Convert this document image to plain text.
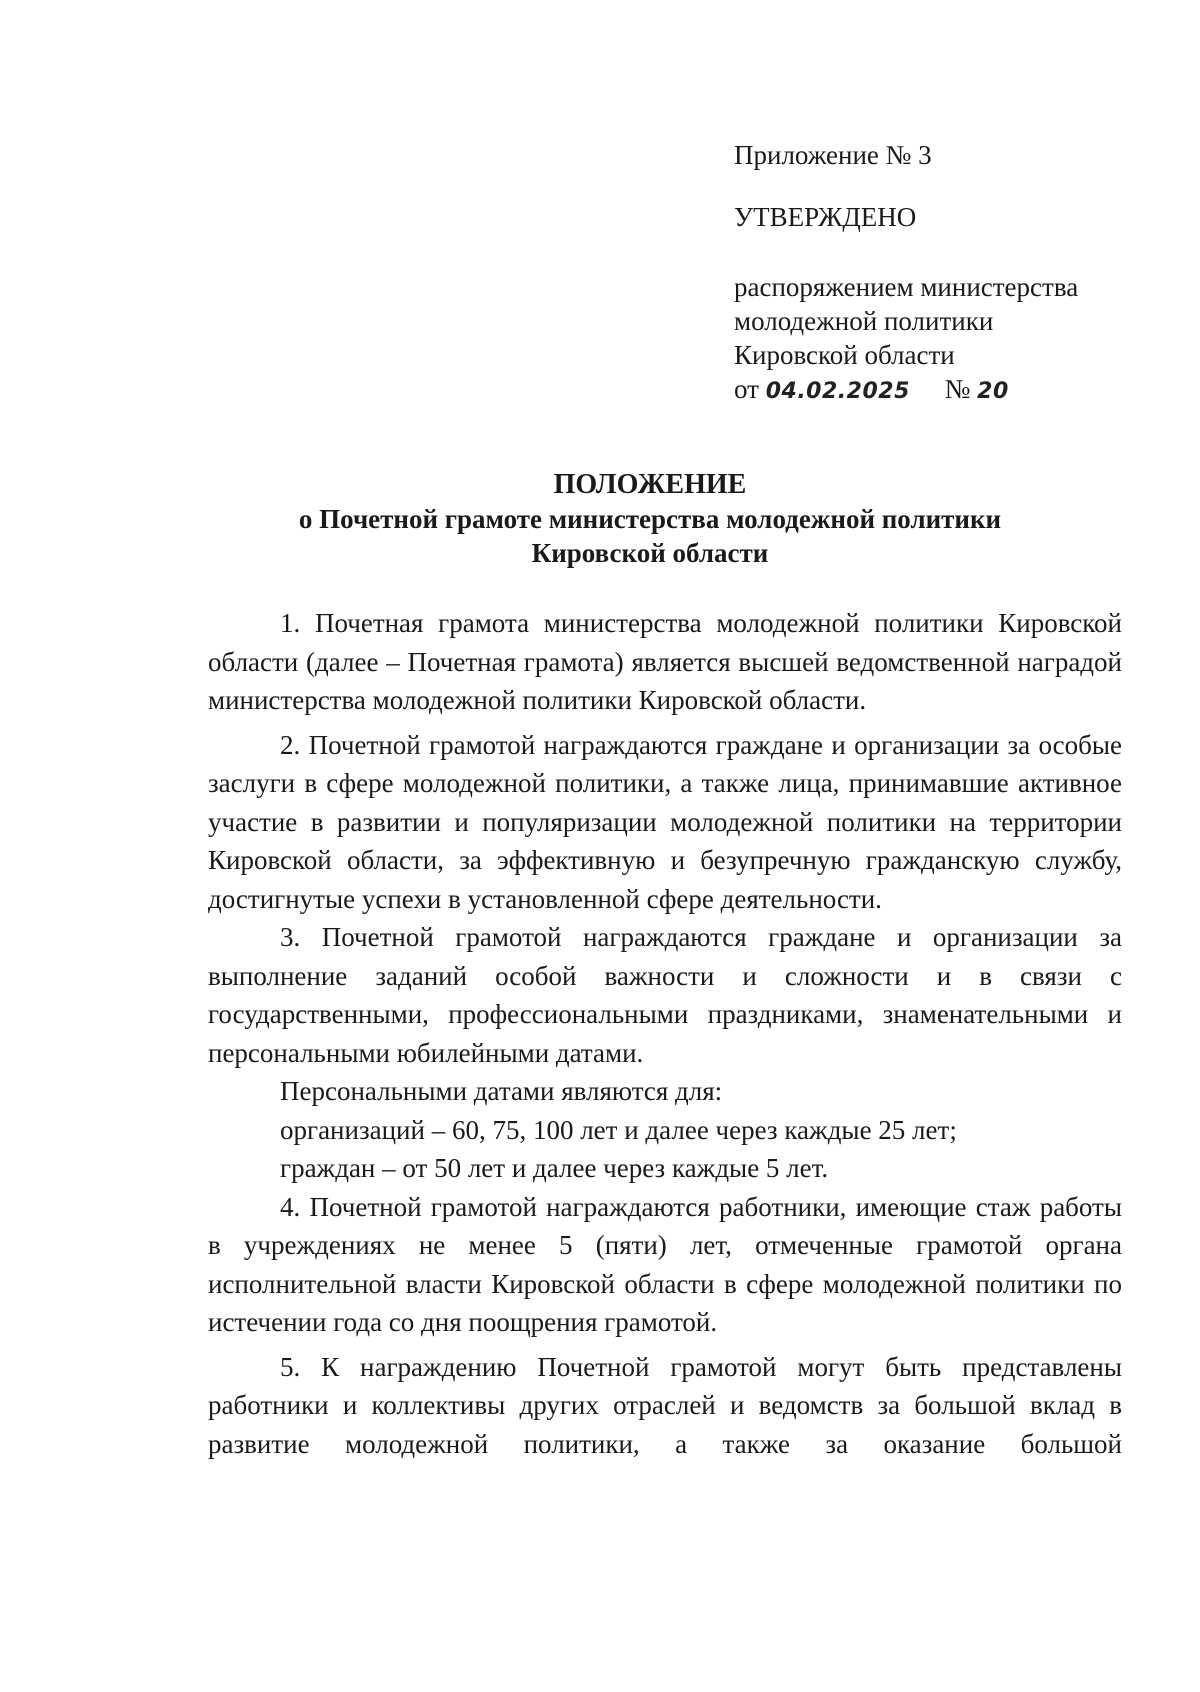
Приложение № 3

УТВЕРЖДЕНО

распоряжением министерства
молодежной политики
Кировской области
от 04.02.2025 № 20

ПОЛОЖЕНИЕ
о Почетной грамоте министерства молодежной политики
Кировской области

1. Почетная грамота министерства молодежной политики Кировской области (далее – Почетная грамота) является высшей ведомственной наградой министерства молодежной политики Кировской области.

2. Почетной грамотой награждаются граждане и организации за особые заслуги в сфере молодежной политики, а также лица, принимавшие активное участие в развитии и популяризации молодежной политики на территории Кировской области, за эффективную и безупречную гражданскую службу, достигнутые успехи в установленной сфере деятельности.

3. Почетной грамотой награждаются граждане и организации за выполнение заданий особой важности и сложности и в связи с государственными, профессиональными праздниками, знаменательными и персональными юбилейными датами.

Персональными датами являются для:

организаций – 60, 75, 100 лет и далее через каждые 25 лет;

граждан – от 50 лет и далее через каждые 5 лет.

4. Почетной грамотой награждаются работники, имеющие стаж работы в учреждениях не менее 5 (пяти) лет, отмеченные грамотой органа исполнительной власти Кировской области в сфере молодежной политики по истечении года со дня поощрения грамотой.

5. К награждению Почетной грамотой могут быть представлены работники и коллективы других отраслей и ведомств за большой вклад в развитие молодежной политики, а также за оказание большой
